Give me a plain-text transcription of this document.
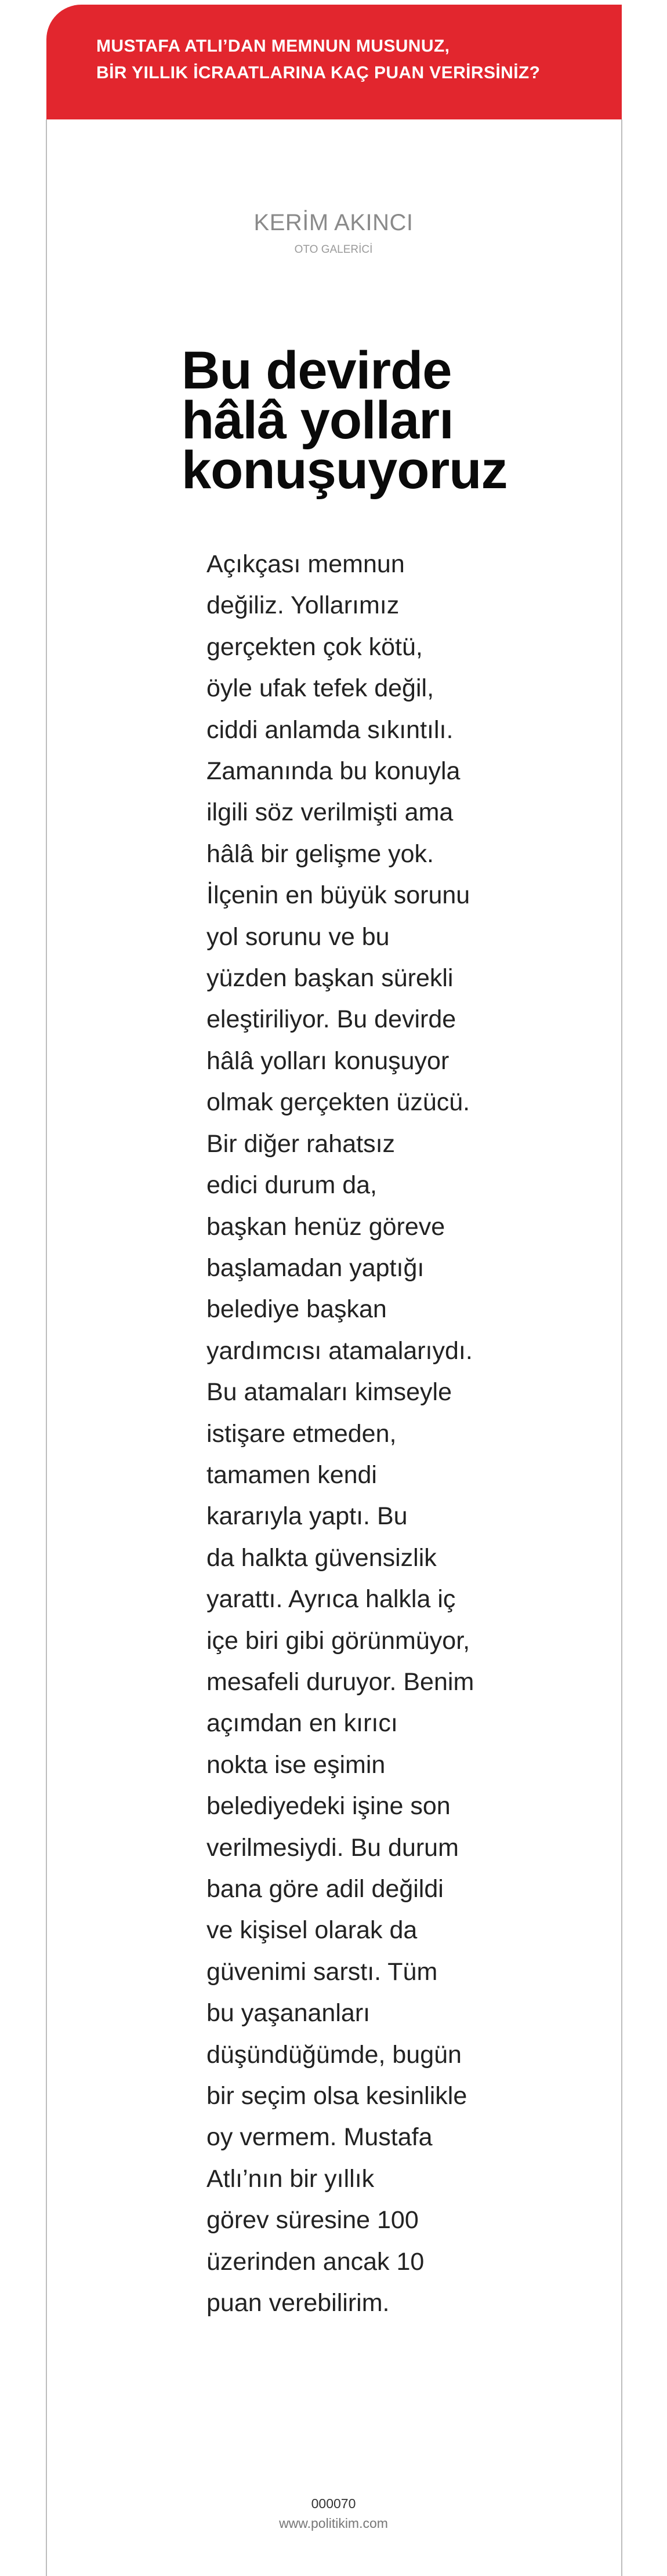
MUSTAFA ATLI’DAN MEMNUN MUSUNUZ,
BİR YILLIK İCRAATLARINA KAÇ PUAN VERİRSİNİZ?
KERİM AKINCI
OTO GALERİCİ
Bu devirde
hâlâ yolları
konuşuyoruz
Açıkçası memnun
değiliz. Yollarımız
gerçekten çok kötü,
öyle ufak tefek değil,
ciddi anlamda sıkıntılı.
Zamanında bu konuyla
ilgili söz verilmişti ama
hâlâ bir gelişme yok.
İlçenin en büyük sorunu
yol sorunu ve bu
yüzden başkan sürekli
eleştiriliyor. Bu devirde
hâlâ yolları konuşuyor
olmak gerçekten üzücü.
Bir diğer rahatsız
edici durum da,
başkan henüz göreve
başlamadan yaptığı
belediye başkan
yardımcısı atamalarıydı.
Bu atamaları kimseyle
istişare etmeden,
tamamen kendi
kararıyla yaptı. Bu
da halkta güvensizlik
yarattı. Ayrıca halkla iç
içe biri gibi görünmüyor,
mesafeli duruyor. Benim
açımdan en kırıcı
nokta ise eşimin
belediyedeki işine son
verilmesiydi. Bu durum
bana göre adil değildi
ve kişisel olarak da
güvenimi sarstı. Tüm
bu yaşananları
düşündüğümde, bugün
bir seçim olsa kesinlikle
oy vermem. Mustafa
Atlı’nın bir yıllık
görev süresine 100
üzerinden ancak 10
puan verebilirim.
000070
www.politikim.com
